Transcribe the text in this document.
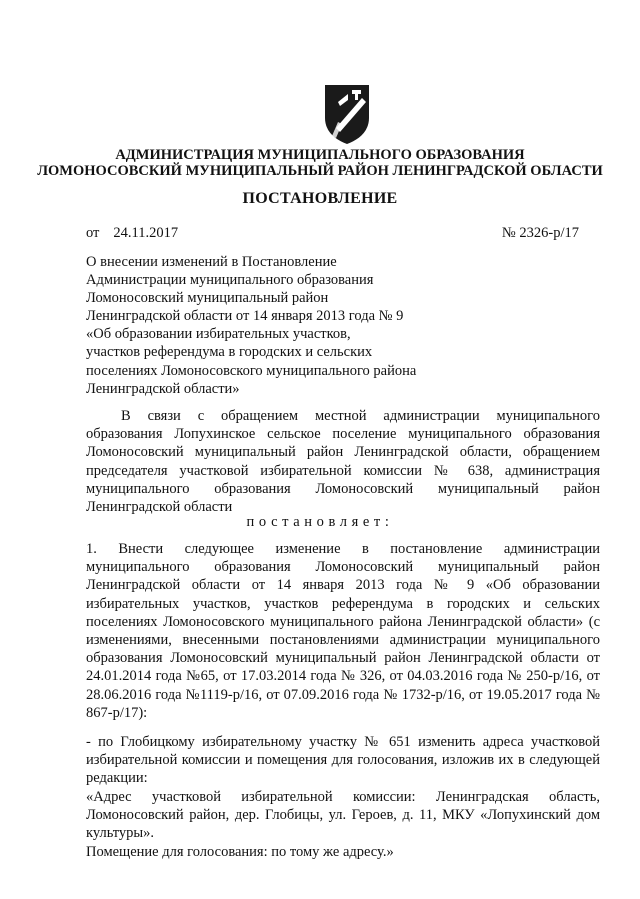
АДМИНИСТРАЦИЯ МУНИЦИПАЛЬНОГО ОБРАЗОВАНИЯ
ЛОМОНОСОВСКИЙ МУНИЦИПАЛЬНЫЙ РАЙОН ЛЕНИНГРАДСКОЙ ОБЛАСТИ
ПОСТАНОВЛЕНИЕ
от 24.11.2017	№ 2326-р/17
О внесении изменений в Постановление
Администрации муниципального образования
Ломоносовский муниципальный район
Ленинградской области от 14 января 2013 года № 9
«Об образовании избирательных участков,
участков референдума в городских и сельских
поселениях Ломоносовского муниципального района
Ленинградской области»
В связи с обращением местной администрации муниципального образования Лопухинское сельское поселение муниципального образования Ломоносовский муниципальный район Ленинградской области, обращением председателя участковой избирательной комиссии № 638, администрация муниципального образования Ломоносовский муниципальный район Ленинградской области
постановляет:
1. Внести следующее изменение в постановление администрации муниципального образования Ломоносовский муниципальный район Ленинградской области от 14 января 2013 года № 9 «Об образовании избирательных участков, участков референдума в городских и сельских поселениях Ломоносовского муниципального района Ленинградской области» (с изменениями, внесенными постановлениями администрации муниципального образования Ломоносовский муниципальный район Ленинградской области от 24.01.2014 года №65, от 17.03.2014 года № 326, от 04.03.2016 года № 250-р/16, от 28.06.2016 года №1119-р/16, от 07.09.2016 года № 1732-р/16, от 19.05.2017 года № 867-р/17):
- по Глобицкому избирательному участку № 651 изменить адреса участковой избирательной комиссии и помещения для голосования, изложив их в следующей редакции:
«Адрес участковой избирательной комиссии: Ленинградская область, Ломоносовский район, дер. Глобицы, ул. Героев, д. 11, МКУ «Лопухинский дом культуры».
Помещение для голосования: по тому же адресу.»
